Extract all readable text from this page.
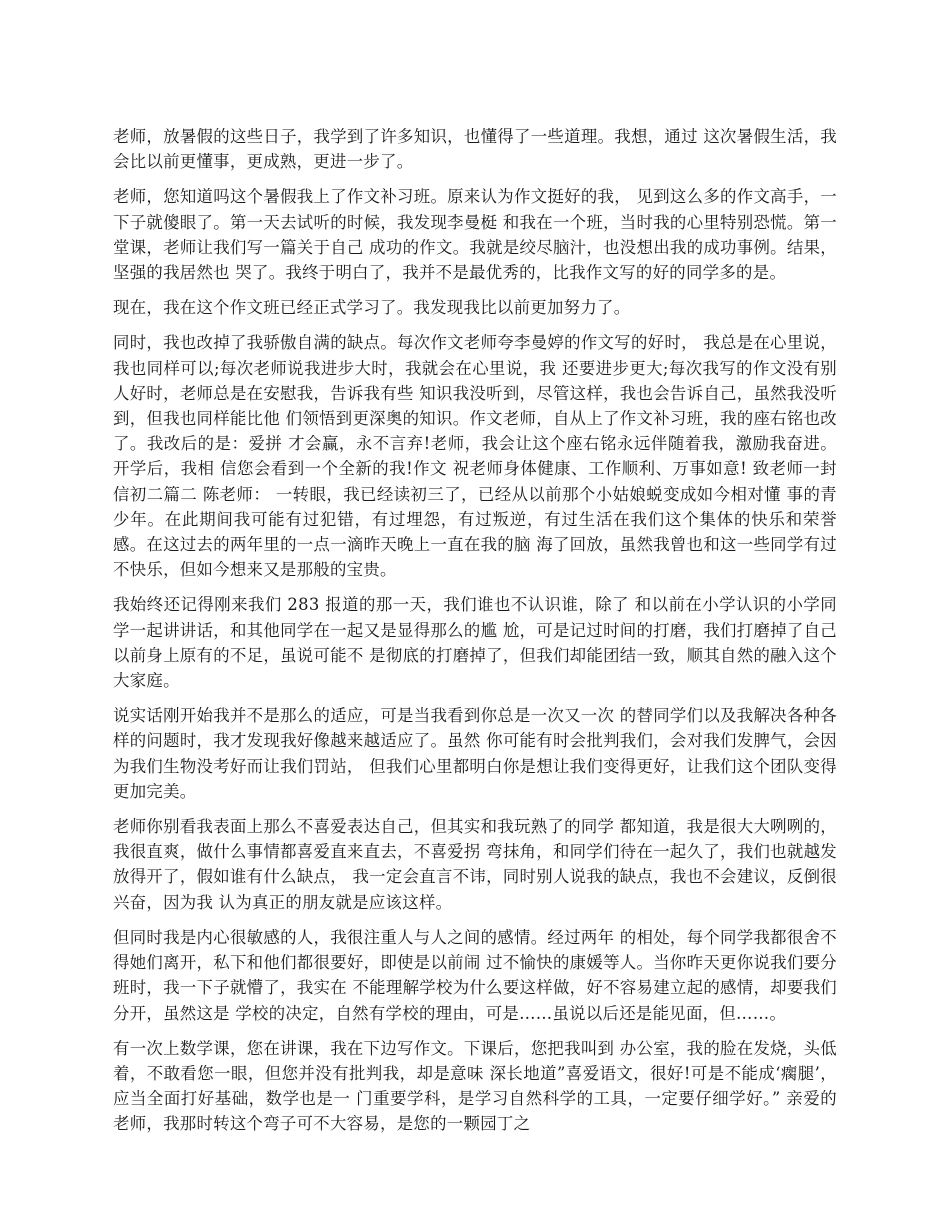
老师，放暑假的这些日子，我学到了许多知识，也懂得了一些道理。我想，通过 这次暑假生活，我会比以前更懂事，更成熟，更进一步了。

老师，您知道吗这个暑假我上了作文补习班。原来认为作文挺好的我， 见到这么多的作文高手，一下子就傻眼了。第一天去试听的时候，我发现李曼梃 和我在一个班，当时我的心里特别恐慌。第一堂课，老师让我们写一篇关于自己 成功的作文。我就是绞尽脑汁，也没想出我的成功事例。结果，坚强的我居然也 哭了。我终于明白了，我并不是最优秀的，比我作文写的好的同学多的是。

现在，我在这个作文班已经正式学习了。我发现我比以前更加努力了。

同时，我也改掉了我骄傲自满的缺点。每次作文老师夸李曼婷的作文写的好时， 我总是在心里说，我也同样可以;每次老师说我进步大时，我就会在心里说，我 还要进步更大;每次我写的作文没有别人好时，老师总是在安慰我，告诉我有些 知识我没听到，尽管这样，我也会告诉自己，虽然我没听到，但我也同样能比他 们领悟到更深奥的知识。作文老师，自从上了作文补习班，我的座右铭也改了。我改后的是：爱拼 才会赢，永不言弃!老师，我会让这个座右铭永远伴随着我，激励我奋进。开学后，我相 信您会看到一个全新的我!作文 祝老师身体健康、工作顺利、万事如意! 致老师一封信初二篇二 陈老师： 一转眼，我已经读初三了，已经从以前那个小姑娘蜕变成如今相对懂 事的青少年。在此期间我可能有过犯错，有过埋怨，有过叛逆，有过生活在我们这个集体的快乐和荣誉感。在这过去的两年里的一点一滴昨天晚上一直在我的脑 海了回放，虽然我曾也和这一些同学有过不快乐，但如今想来又是那般的宝贵。

我始终还记得刚来我们 283 报道的那一天，我们谁也不认识谁，除了 和以前在小学认识的小学同学一起讲讲话，和其他同学在一起又是显得那么的尴 尬，可是记过时间的打磨，我们打磨掉了自己以前身上原有的不足，虽说可能不 是彻底的打磨掉了，但我们却能团结一致，顺其自然的融入这个大家庭。

说实话刚开始我并不是那么的适应，可是当我看到你总是一次又一次 的替同学们以及我解决各种各样的问题时，我才发现我好像越来越适应了。虽然 你可能有时会批判我们，会对我们发脾气，会因为我们生物没考好而让我们罚站， 但我们心里都明白你是想让我们变得更好，让我们这个团队变得更加完美。

老师你别看我表面上那么不喜爱表达自己，但其实和我玩熟了的同学 都知道，我是很大大咧咧的，我很直爽，做什么事情都喜爱直来直去，不喜爱拐 弯抹角，和同学们待在一起久了，我们也就越发放得开了，假如谁有什么缺点， 我一定会直言不讳，同时别人说我的缺点，我也不会建议，反倒很兴奋，因为我 认为真正的朋友就是应该这样。

但同时我是内心很敏感的人，我很注重人与人之间的感情。经过两年 的相处，每个同学我都很舍不得她们离开，私下和他们都很要好，即使是以前闹 过不愉快的康媛等人。当你昨天更你说我们要分班时，我一下子就懵了，我实在 不能理解学校为什么要这样做，好不容易建立起的感情，却要我们分开，虽然这是 学校的决定，自然有学校的理由，可是……虽说以后还是能见面，但……。

有一次上数学课，您在讲课，我在下边写作文。下课后，您把我叫到 办公室，我的脸在发烧，头低着，不敢看您一眼，但您并没有批判我，却是意味 深长地道”喜爱语文，很好!可是不能成‘瘸腿’，应当全面打好基础，数学也是一 门重要学科，是学习自然科学的工具，一定要仔细学好。” 亲爱的老师，我那时转这个弯子可不大容易，是您的一颗园丁之
